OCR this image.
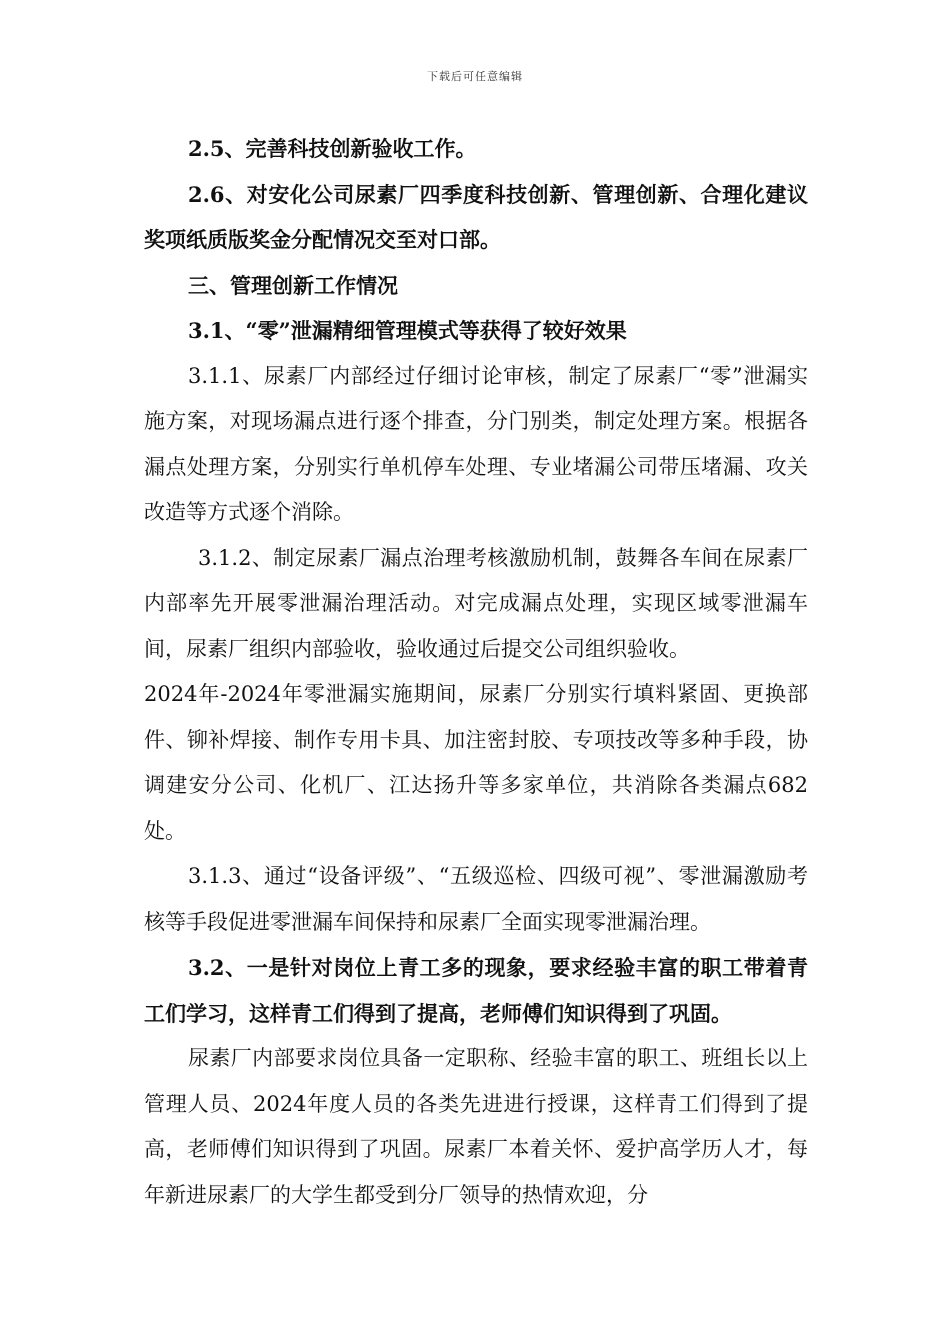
下载后可任意编辑

2.5、完善科技创新验收工作。

2.6、对安化公司尿素厂四季度科技创新、管理创新、合理化建议奖项纸质版奖金分配情况交至对口部。

三、管理创新工作情况

3.1、“零”泄漏精细管理模式等获得了较好效果

3.1.1、尿素厂内部经过仔细讨论审核，制定了尿素厂“零”泄漏实施方案，对现场漏点进行逐个排查，分门别类，制定处理方案。根据各漏点处理方案，分别实行单机停车处理、专业堵漏公司带压堵漏、攻关改造等方式逐个消除。

3.1.2、制定尿素厂漏点治理考核激励机制，鼓舞各车间在尿素厂内部率先开展零泄漏治理活动。对完成漏点处理，实现区域零泄漏车间，尿素厂组织内部验收，验收通过后提交公司组织验收。

2024年-2024年零泄漏实施期间，尿素厂分别实行填料紧固、更换部件、铆补焊接、制作专用卡具、加注密封胶、专项技改等多种手段，协调建安分公司、化机厂、江达扬升等多家单位，共消除各类漏点682处。

3.1.3、通过“设备评级”、“五级巡检、四级可视”、零泄漏激励考核等手段促进零泄漏车间保持和尿素厂全面实现零泄漏治理。

3.2、一是针对岗位上青工多的现象，要求经验丰富的职工带着青工们学习，这样青工们得到了提高，老师傅们知识得到了巩固。

尿素厂内部要求岗位具备一定职称、经验丰富的职工、班组长以上管理人员、2024年度人员的各类先进进行授课，这样青工们得到了提高，老师傅们知识得到了巩固。尿素厂本着关怀、爱护高学历人才，每年新进尿素厂的大学生都受到分厂领导的热情欢迎，分
